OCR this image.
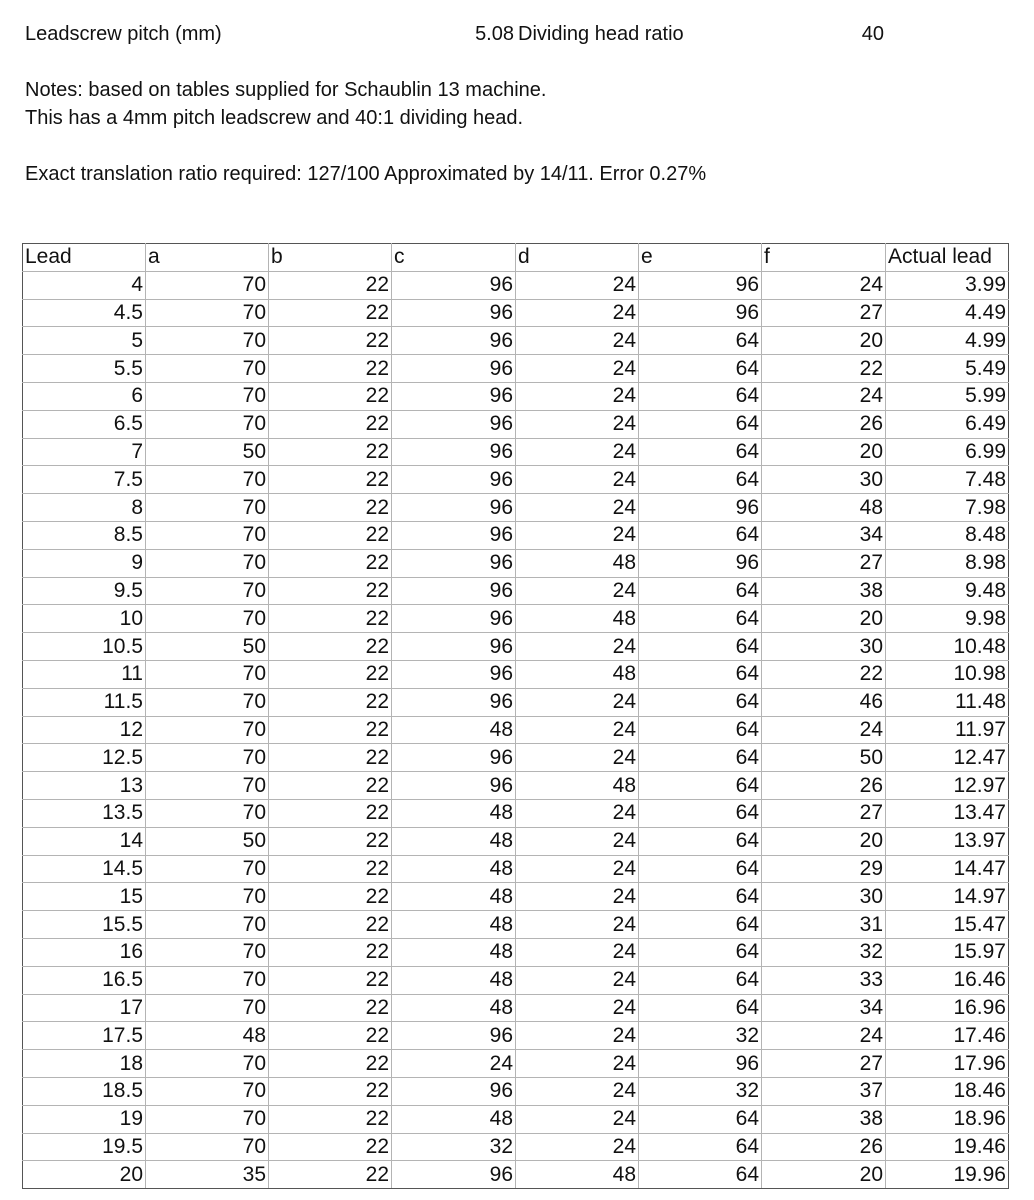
Leadscrew pitch (mm)	5.08 Dividing head ratio	40
Notes: based on tables supplied for Schaublin 13 machine.
This has a 4mm pitch leadscrew and 40:1 dividing head.
Exact translation ratio required: 127/100 Approximated by 14/11. Error 0.27%
Lead	a	b	c	d	e	f	Actual lead
4	70	22	96	24	96	24	3.99
4.5	70	22	96	24	96	27	4.49
5	70	22	96	24	64	20	4.99
5.5	70	22	96	24	64	22	5.49
6	70	22	96	24	64	24	5.99
6.5	70	22	96	24	64	26	6.49
7	50	22	96	24	64	20	6.99
7.5	70	22	96	24	64	30	7.48
8	70	22	96	24	96	48	7.98
8.5	70	22	96	24	64	34	8.48
9	70	22	96	48	96	27	8.98
9.5	70	22	96	24	64	38	9.48
10	70	22	96	48	64	20	9.98
10.5	50	22	96	24	64	30	10.48
11	70	22	96	48	64	22	10.98
11.5	70	22	96	24	64	46	11.48
12	70	22	48	24	64	24	11.97
12.5	70	22	96	24	64	50	12.47
13	70	22	96	48	64	26	12.97
13.5	70	22	48	24	64	27	13.47
14	50	22	48	24	64	20	13.97
14.5	70	22	48	24	64	29	14.47
15	70	22	48	24	64	30	14.97
15.5	70	22	48	24	64	31	15.47
16	70	22	48	24	64	32	15.97
16.5	70	22	48	24	64	33	16.46
17	70	22	48	24	64	34	16.96
17.5	48	22	96	24	32	24	17.46
18	70	22	24	24	96	27	17.96
18.5	70	22	96	24	32	37	18.46
19	70	22	48	24	64	38	18.96
19.5	70	22	32	24	64	26	19.46
20	35	22	96	48	64	20	19.96
